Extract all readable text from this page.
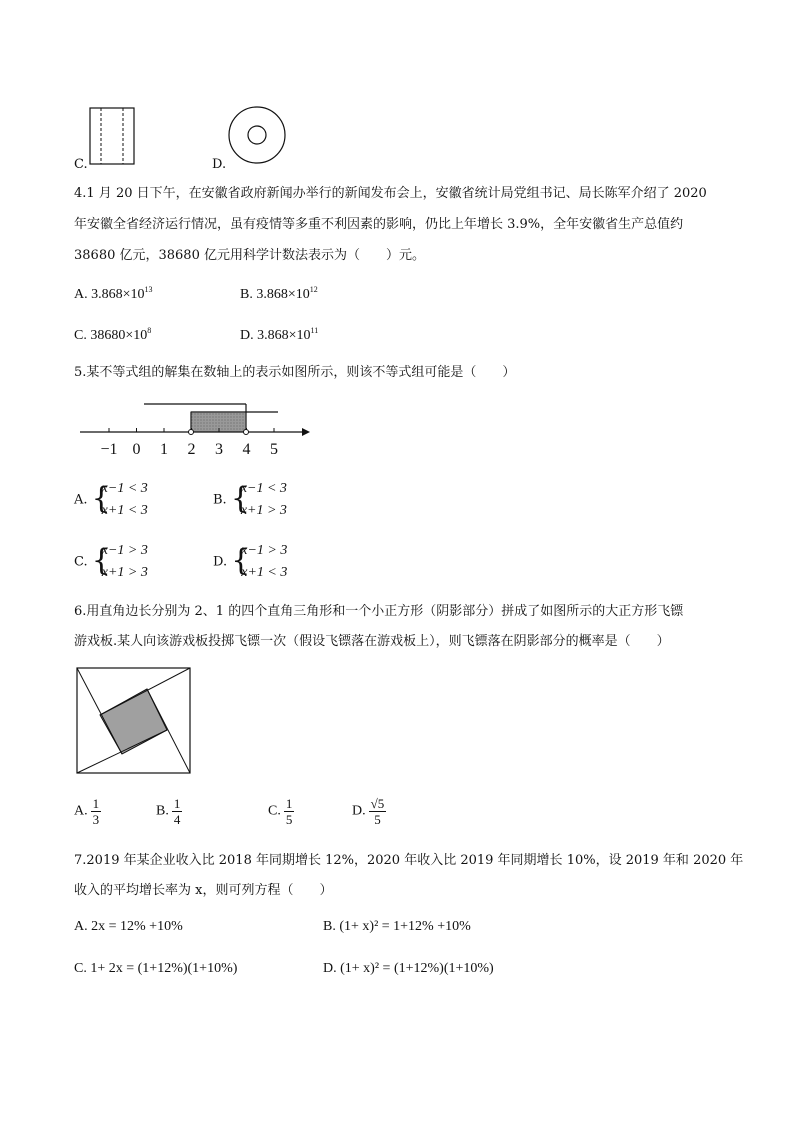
C.	D.
4.1 月 20 日下午，在安徽省政府新闻办举行的新闻发布会上，安徽省统计局党组书记、局长陈军介绍了 2020
年安徽全省经济运行情况，虽有疫情等多重不利因素的影响，仍比上年增长 3.9%，全年安徽省生产总值约
38680 亿元，38680 亿元用科学计数法表示为（　　）元。
A. $3.868\times 10^{13}$	B. $3.868\times 10^{12}$
C. $38680\times 10^8$	D. $3.868\times 10^{11}$
5.某不等式组的解集在数轴上的表示如图所示，则该不等式组可能是（　　）
−1 0 1 2 3 4 5
A. {
x−1 < 3
x+1 < 3
B. {
x−1 < 3
x+1 > 3
C. {
x−1 > 3
x+1 > 3
D. {
x−1 > 3
x+1 < 3
6.用直角边长分别为 2、1 的四个直角三角形和一个小正方形（阴影部分）拼成了如图所示的大正方形飞镖
游戏板.某人向该游戏板投掷飞镖一次（假设飞镖落在游戏板上），则飞镖落在阴影部分的概率是（　　）
A. $\frac{1}{3}$	B. $\frac{1}{4}$	C. $\frac{1}{5}$	D. $\frac{√5}{5}$
7.2019 年某企业收入比 2018 年同期增长 12%，2020 年收入比 2019 年同期增长 10%，设 2019 年和 2020 年
收入的平均增长率为 x，则可列方程（　　）
A. 2x = 12% +10%	B. (1+ x)² = 1+12% +10%
C. 1+ 2x = (1+12%)(1+10%)	D. (1+ x)² = (1+12%)(1+10%)
